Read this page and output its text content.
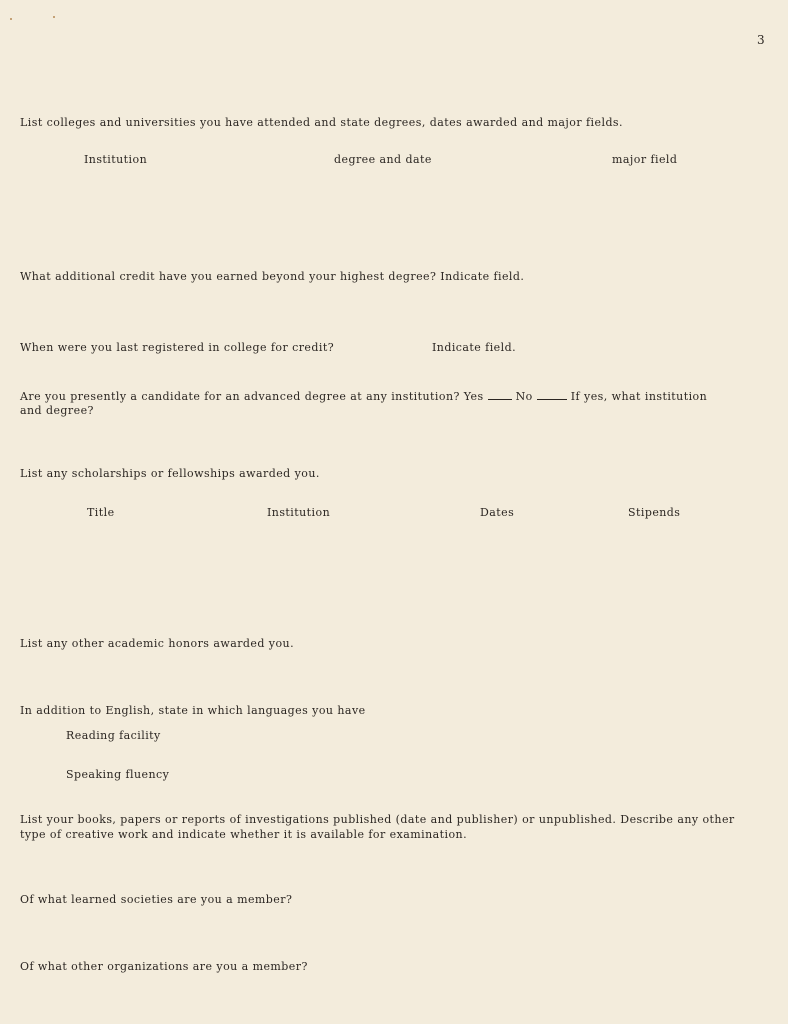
3
List colleges and universities you have attended and state degrees, dates awarded and major fields.
Institution	degree and date	major field
What additional credit have you earned beyond your highest degree? Indicate field.
When were you last registered in college for credit?	Indicate field.
Are you presently a candidate for an advanced degree at any institution? Yes	No	If yes, what institution
and degree?
List any scholarships or fellowships awarded you.
Title	Institution	Dates	Stipends
List any other academic honors awarded you.
In addition to English, state in which languages you have
Reading facility
Speaking fluency
List your books, papers or reports of investigations published (date and publisher) or unpublished. Describe any other
type of creative work and indicate whether it is available for examination.
Of what learned societies are you a member?
Of what other organizations are you a member?
